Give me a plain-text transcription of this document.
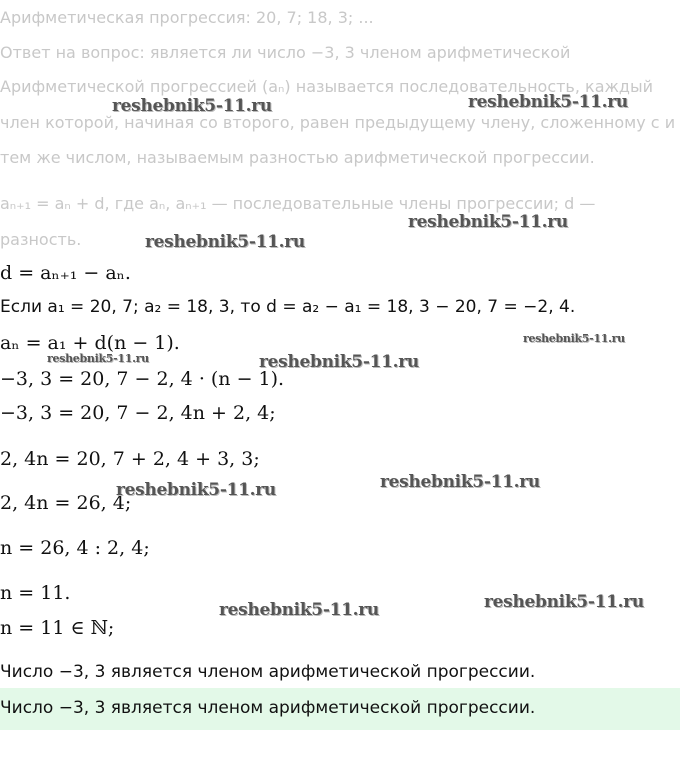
Арифметическая прогрессия: 20, 7; 18, 3; ...
Ответ на вопрос: является ли число −3, 3 членом арифметической
Арифметической прогрессией (aₙ) называется последовательность, каждый
член которой, начиная со второго, равен предыдущему члену, сложенному с и
тем же числом, называемым разностью арифметической прогрессии.
aₙ₊₁ = aₙ + d, где aₙ, aₙ₊₁ — последовательные члены прогрессии; d —
разность.
d = aₙ₊₁ − aₙ.
Если a₁ = 20, 7; a₂ = 18, 3, то d = a₂ − a₁ = 18, 3 − 20, 7 = −2, 4.
aₙ = a₁ + d(n − 1).
−3, 3 = 20, 7 − 2, 4 · (n − 1).
−3, 3 = 20, 7 − 2, 4n + 2, 4;
2, 4n = 20, 7 + 2, 4 + 3, 3;
2, 4n = 26, 4;
n = 26, 4 : 2, 4;
n = 11.
n = 11 ∈ ℕ;
Число −3, 3 является членом арифметической прогрессии.
Число −3, 3 является членом арифметической прогрессии.
reshebnik5-11.ru	reshebnik5-11.ru
reshebnik5-11.ru
reshebnik5-11.ru
reshebnik5-11.ru
reshebnik5-11.ru	reshebnik5-11.ru
reshebnik5-11.ru
reshebnik5-11.ru
reshebnik5-11.ru	reshebnik5-11.ru
